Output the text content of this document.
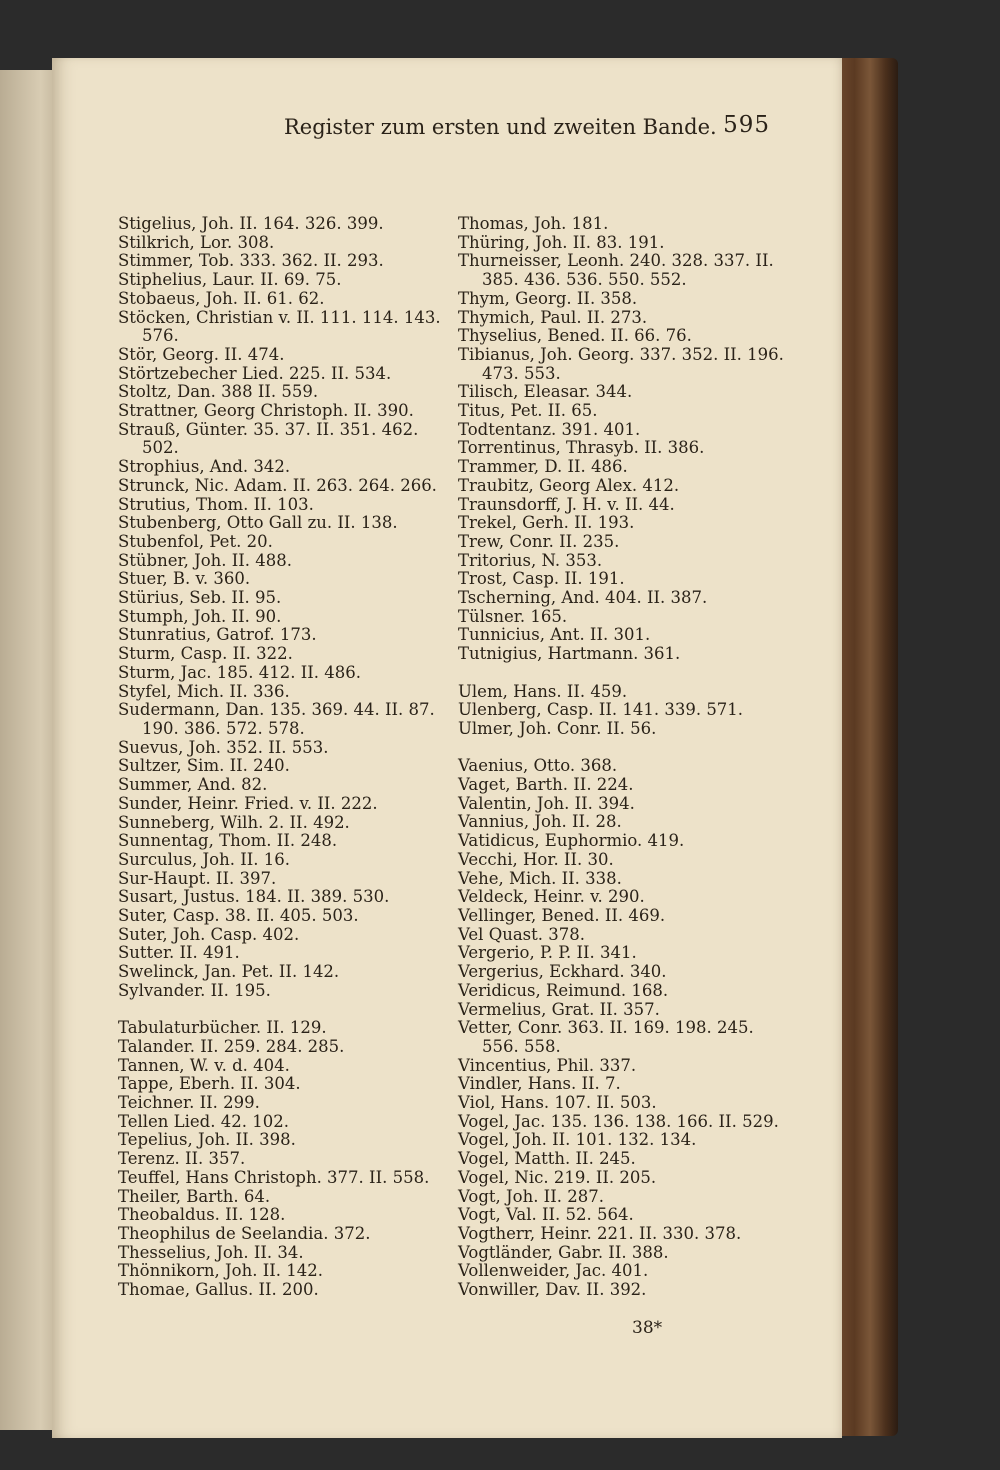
Register zum ersten und zweiten Bande. 595
Stigelius, Joh. II. 164. 326. 399.
Stilkrich, Lor. 308.
Stimmer, Tob. 333. 362. II. 293.
Stiphelius, Laur. II. 69. 75.
Stobaeus, Joh. II. 61. 62.
Stöcken, Christian v. II. 111. 114. 143. 576.
Stör, Georg. II. 474.
Störtzebecher Lied. 225. II. 534.
Stoltz, Dan. 388 II. 559.
Strattner, Georg Christoph. II. 390.
Strauß, Günter. 35. 37. II. 351. 462. 502.
Strophius, And. 342.
Strunck, Nic. Adam. II. 263. 264. 266.
Strutius, Thom. II. 103.
Stubenberg, Otto Gall zu. II. 138.
Stubenfol, Pet. 20.
Stübner, Joh. II. 488.
Stuer, B. v. 360.
Stürius, Seb. II. 95.
Stumph, Joh. II. 90.
Stunratius, Gatrof. 173.
Sturm, Casp. II. 322.
Sturm, Jac. 185. 412. II. 486.
Styfel, Mich. II. 336.
Sudermann, Dan. 135. 369. 44. II. 87. 190. 386. 572. 578.
Suevus, Joh. 352. II. 553.
Sultzer, Sim. II. 240.
Summer, And. 82.
Sunder, Heinr. Fried. v. II. 222.
Sunneberg, Wilh. 2. II. 492.
Sunnentag, Thom. II. 248.
Surculus, Joh. II. 16.
Sur-Haupt. II. 397.
Susart, Justus. 184. II. 389. 530.
Suter, Casp. 38. II. 405. 503.
Suter, Joh. Casp. 402.
Sutter. II. 491.
Swelinck, Jan. Pet. II. 142.
Sylvander. II. 195.
Tabulaturbücher. II. 129.
Talander. II. 259. 284. 285.
Tannen, W. v. d. 404.
Tappe, Eberh. II. 304.
Teichner. II. 299.
Tellen Lied. 42. 102.
Tepelius, Joh. II. 398.
Terenz. II. 357.
Teuffel, Hans Christoph. 377. II. 558.
Theiler, Barth. 64.
Theobaldus. II. 128.
Theophilus de Seelandia. 372.
Thesselius, Joh. II. 34.
Thönnikorn, Joh. II. 142.
Thomae, Gallus. II. 200.
Thomas, Joh. 181.
Thüring, Joh. II. 83. 191.
Thurneisser, Leonh. 240. 328. 337. II. 385. 436. 536. 550. 552.
Thym, Georg. II. 358.
Thymich, Paul. II. 273.
Thyselius, Bened. II. 66. 76.
Tibianus, Joh. Georg. 337. 352. II. 196. 473. 553.
Tilisch, Eleasar. 344.
Titus, Pet. II. 65.
Todtentanz. 391. 401.
Torrentinus, Thrasyb. II. 386.
Trammer, D. II. 486.
Traubitz, Georg Alex. 412.
Traunsdorff, J. H. v. II. 44.
Trekel, Gerh. II. 193.
Trew, Conr. II. 235.
Tritorius, N. 353.
Trost, Casp. II. 191.
Tscherning, And. 404. II. 387.
Tülsner. 165.
Tunnicius, Ant. II. 301.
Tutnigius, Hartmann. 361.
Ulem, Hans. II. 459.
Ulenberg, Casp. II. 141. 339. 571.
Ulmer, Joh. Conr. II. 56.
Vaenius, Otto. 368.
Vaget, Barth. II. 224.
Valentin, Joh. II. 394.
Vannius, Joh. II. 28.
Vatidicus, Euphormio. 419.
Vecchi, Hor. II. 30.
Vehe, Mich. II. 338.
Veldeck, Heinr. v. 290.
Vellinger, Bened. II. 469.
Vel Quast. 378.
Vergerio, P. P. II. 341.
Vergerius, Eckhard. 340.
Veridicus, Reimund. 168.
Vermelius, Grat. II. 357.
Vetter, Conr. 363. II. 169. 198. 245. 556. 558.
Vincentius, Phil. 337.
Vindler, Hans. II. 7.
Viol, Hans. 107. II. 503.
Vogel, Jac. 135. 136. 138. 166. II. 529.
Vogel, Joh. II. 101. 132. 134.
Vogel, Matth. II. 245.
Vogel, Nic. 219. II. 205.
Vogt, Joh. II. 287.
Vogt, Val. II. 52. 564.
Vogtherr, Heinr. 221. II. 330. 378.
Vogtländer, Gabr. II. 388.
Vollenweider, Jac. 401.
Vonwiller, Dav. II. 392.
38*
